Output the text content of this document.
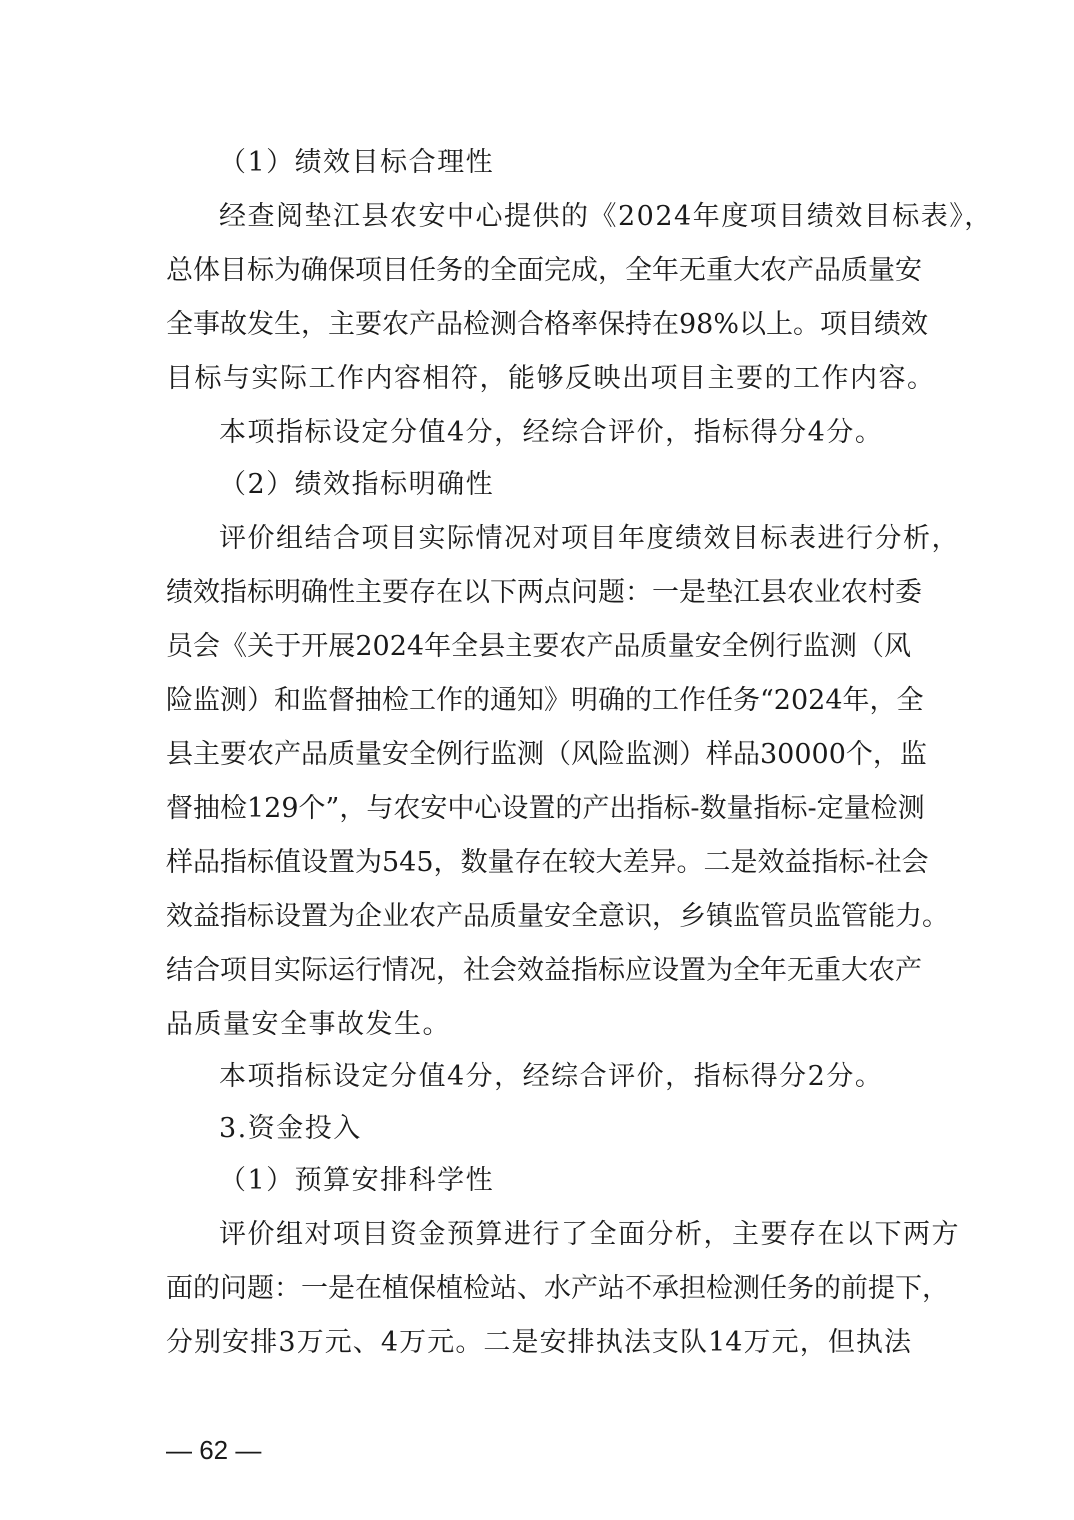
（1）绩效目标合理性
经查阅垫江县农安中心提供的《2024年度项目绩效目标表》，
总体目标为确保项目任务的全面完成，全年无重大农产品质量安
全事故发生，主要农产品检测合格率保持在98%以上。项目绩效
目标与实际工作内容相符，能够反映出项目主要的工作内容。
本项指标设定分值4分，经综合评价，指标得分4分。
（2）绩效指标明确性
评价组结合项目实际情况对项目年度绩效目标表进行分析，
绩效指标明确性主要存在以下两点问题：一是垫江县农业农村委
员会《关于开展2024年全县主要农产品质量安全例行监测（风
险监测）和监督抽检工作的通知》明确的工作任务“2024年，全
县主要农产品质量安全例行监测（风险监测）样品30000个，监
督抽检129个”，与农安中心设置的产出指标-数量指标-定量检测
样品指标值设置为545，数量存在较大差异。二是效益指标-社会
效益指标设置为企业农产品质量安全意识，乡镇监管员监管能力。
结合项目实际运行情况，社会效益指标应设置为全年无重大农产
品质量安全事故发生。
本项指标设定分值4分，经综合评价，指标得分2分。
3.资金投入
（1）预算安排科学性
评价组对项目资金预算进行了全面分析，主要存在以下两方
面的问题：一是在植保植检站、水产站不承担检测任务的前提下，
分别安排3万元、4万元。二是安排执法支队14万元，但执法
— 62 —
